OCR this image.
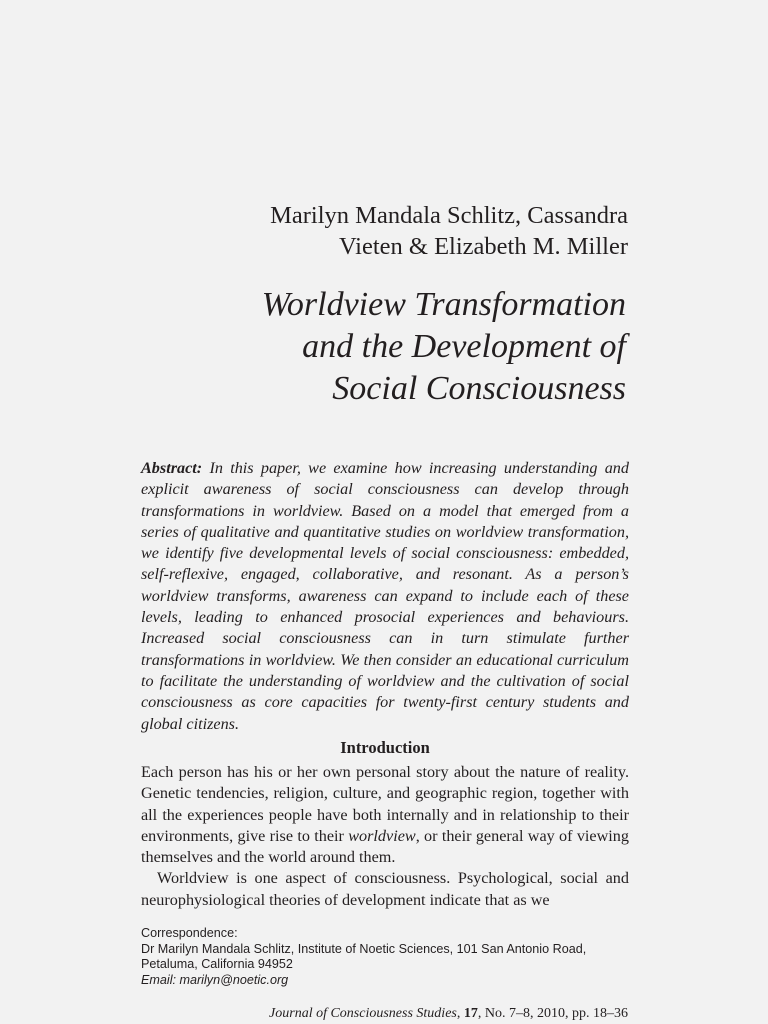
Marilyn Mandala Schlitz, Cassandra
Vieten & Elizabeth M. Miller
Worldview Transformation
and the Development of
Social Consciousness
Abstract: In this paper, we examine how increasing understanding and explicit awareness of social consciousness can develop through transformations in worldview. Based on a model that emerged from a series of qualitative and quantitative studies on worldview transformation, we identify five developmental levels of social consciousness: embedded, self-reflexive, engaged, collaborative, and resonant. As a person’s worldview transforms, awareness can expand to include each of these levels, leading to enhanced prosocial experiences and behaviours. Increased social consciousness can in turn stimulate further transformations in worldview. We then consider an educational curriculum to facilitate the understanding of worldview and the cultivation of social consciousness as core capacities for twenty-first century students and global citizens.
Introduction

Each person has his or her own personal story about the nature of reality. Genetic tendencies, religion, culture, and geographic region, together with all the experiences people have both internally and in relationship to their environments, give rise to their worldview, or their general way of viewing themselves and the world around them.

Worldview is one aspect of consciousness. Psychological, social and neurophysiological theories of development indicate that as we

Correspondence:
Dr Marilyn Mandala Schlitz, Institute of Noetic Sciences, 101 San Antonio Road,
Petaluma, California 94952
Email: marilyn@noetic.org
Journal of Consciousness Studies, 17, No. 7–8, 2010, pp. 18–36
